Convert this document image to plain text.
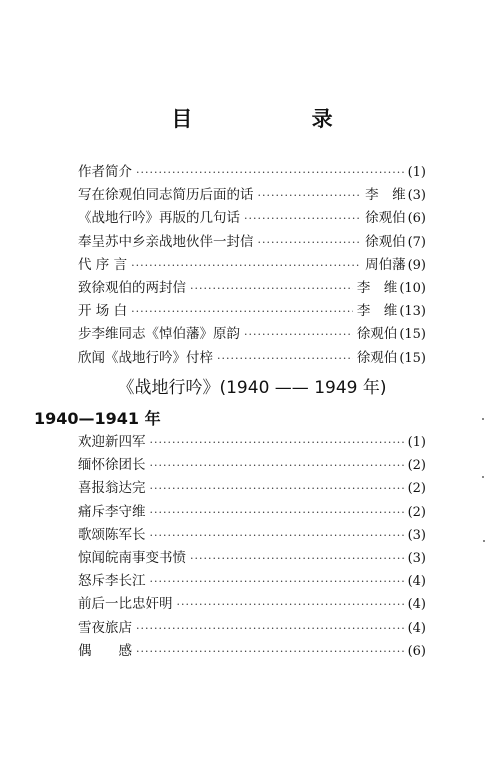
目 录
作者简介 ·····	(1)
写在徐观伯同志简历后面的话 ·····	李　维 (3)
《战地行吟》再版的几句话 ·····	徐观伯 (6)
奉呈苏中乡亲战地伙伴一封信 ·····	徐观伯 (7)
代 序 言 ·····	周伯藩 (9)
致徐观伯的两封信 ·····	李　维 (10)
开 场 白 ·····	李　维 (13)
步李维同志《悼伯藩》原韵 ·····	徐观伯 (15)
欣闻《战地行吟》付梓 ·····	徐观伯 (15)
《战地行吟》(1940 —— 1949 年)
1940—1941 年
欢迎新四军 ·····	(1)
缅怀徐团长 ·····	(2)
喜报翁达完 ·····	(2)
痛斥李守维 ·····	(2)
歌颂陈军长 ·····	(3)
惊闻皖南事变书愤 ·····	(3)
怒斥李长江 ·····	(4)
前后一比忠奸明 ·····	(4)
雪夜旅店 ·····	(4)
偶　　感 ·····	(6)
